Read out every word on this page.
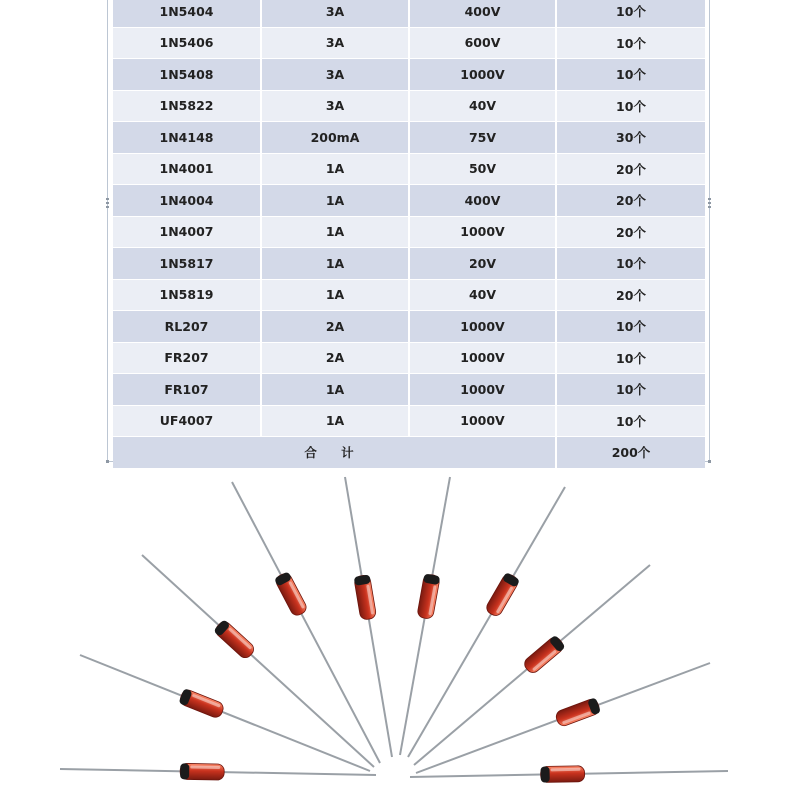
1N5404	3A	400V	10个
1N5406	3A	600V	10个
1N5408	3A	1000V	10个
1N5822	3A	40V	10个
1N4148	200mA	75V	30个
1N4001	1A	50V	20个
1N4004	1A	400V	20个
1N4007	1A	1000V	20个
1N5817	1A	20V	10个
1N5819	1A	40V	20个
RL207	2A	1000V	10个
FR207	2A	1000V	10个
FR107	1A	1000V	10个
UF4007	1A	1000V	10个
合 计			200个
